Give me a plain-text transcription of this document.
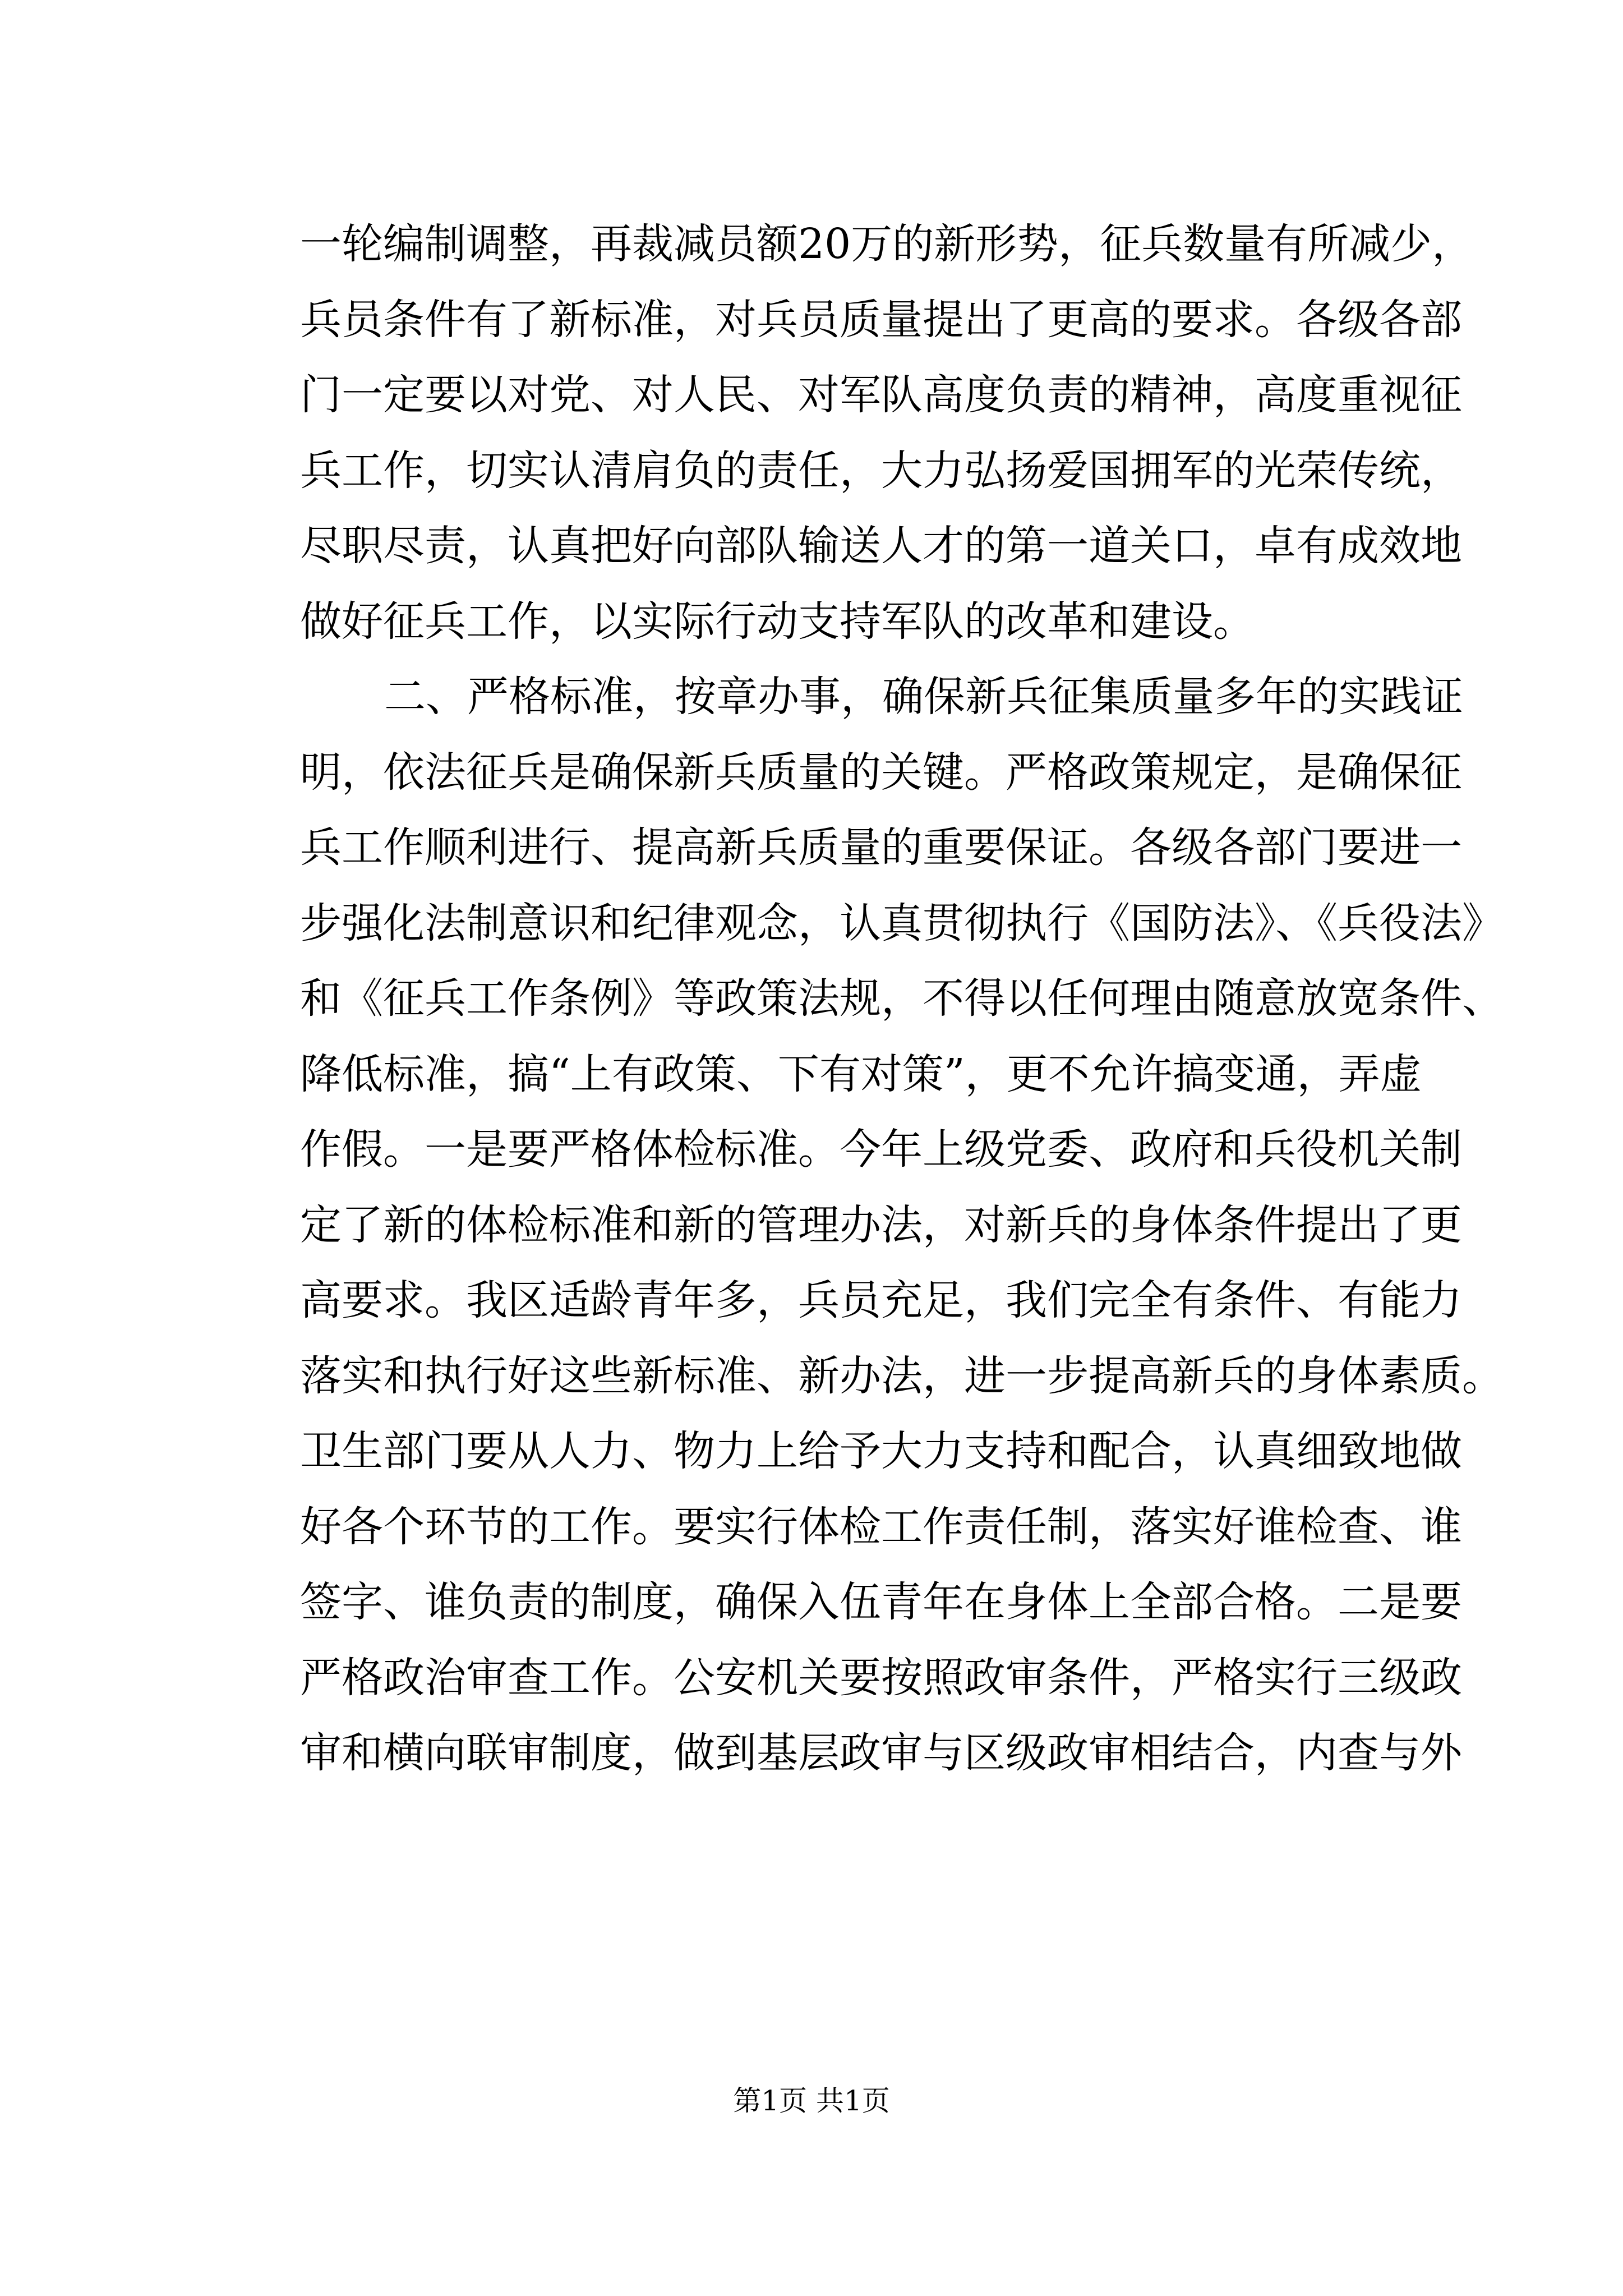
一轮编制调整，再裁减员额20万的新形势，征兵数量有所减少，
兵员条件有了新标准，对兵员质量提出了更高的要求。各级各部
门一定要以对党、对人民、对军队高度负责的精神，高度重视征
兵工作，切实认清肩负的责任，大力弘扬爱国拥军的光荣传统，
尽职尽责，认真把好向部队输送人才的第一道关口，卓有成效地
做好征兵工作，以实际行动支持军队的改革和建设。
二、严格标准，按章办事，确保新兵征集质量多年的实践证
明，依法征兵是确保新兵质量的关键。严格政策规定，是确保征
兵工作顺利进行、提高新兵质量的重要保证。各级各部门要进一
步强化法制意识和纪律观念，认真贯彻执行《国防法》、《兵役法》
和《征兵工作条例》等政策法规，不得以任何理由随意放宽条件、
降低标准，搞“上有政策、下有对策”，更不允许搞变通，弄虚
作假。一是要严格体检标准。今年上级党委、政府和兵役机关制
定了新的体检标准和新的管理办法，对新兵的身体条件提出了更
高要求。我区适龄青年多，兵员充足，我们完全有条件、有能力
落实和执行好这些新标准、新办法，进一步提高新兵的身体素质。
卫生部门要从人力、物力上给予大力支持和配合，认真细致地做
好各个环节的工作。要实行体检工作责任制，落实好谁检查、谁
签字、谁负责的制度，确保入伍青年在身体上全部合格。二是要
严格政治审查工作。公安机关要按照政审条件，严格实行三级政
审和横向联审制度，做到基层政审与区级政审相结合，内查与外
第1页 共1页
